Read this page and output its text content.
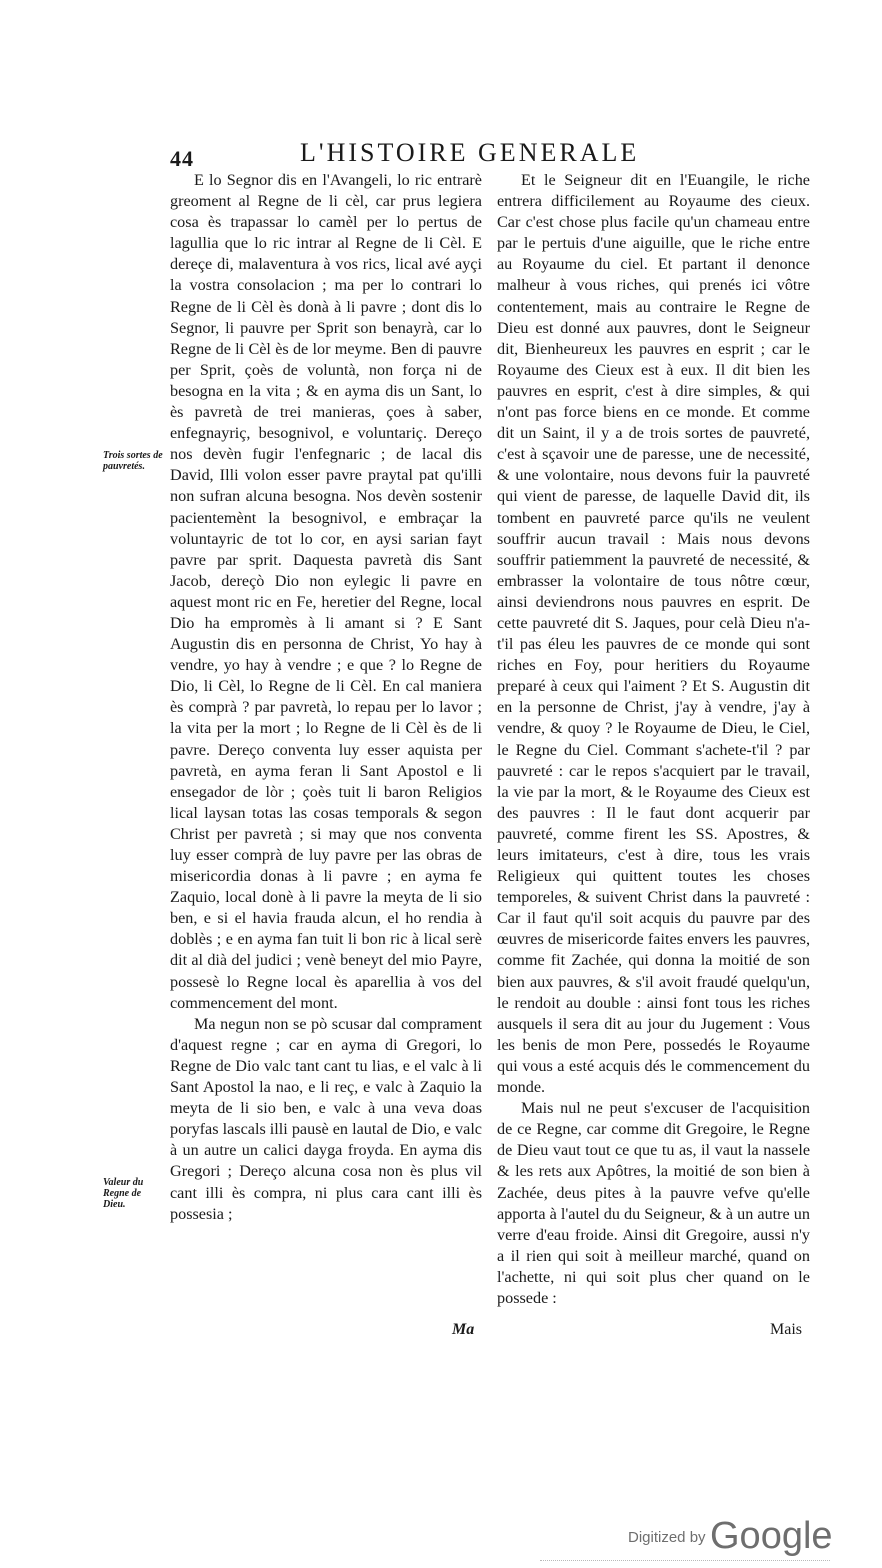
44	L'HISTOIRE GENERALE

E lo Segnor dis en l'Avangeli, lo ric entrarè greoment al Regne de li cèl, car prus legiera cosa ès trapassar lo camèl per lo pertus de lagullia que lo ric intrar al Regne de li Cèl. E dereçe di, malaventura à vos rics, lical avé ayçi la vostra consolacion ; ma per lo contrari lo Regne de li Cèl ès donà à li pavre ; dont dis lo Segnor, li pauvre per Sprit son benayrà, car lo Regne de li Cèl ès de lor meyme. Ben di pauvre per Sprit, çoès de voluntà, non força ni de besogna en la vita ; & en ayma dis un Sant, lo ès pavretà de trei manieras, çoes à saber, enfegnayriç, besognivol, e voluntariç. Dereço nos devèn fugir l'enfegnaric ; de lacal dis David, Illi volon esser pavre praytal pat qu'illi non sufran alcuna besogna. Nos devèn sostenir pacientemènt la besognivol, e embraçar la voluntayric de tot lo cor, en aysi sarian fayt pavre par sprit. Daquesta pavretà dis Sant Jacob, dereçò Dio non eylegic li pavre en aquest mont ric en Fe, heretier del Regne, local Dio ha empromès à li amant si ? E Sant Augustin dis en personna de Christ, Yo hay à vendre, yo hay à vendre ; e que ? lo Regne de Dio, li Cèl, lo Regne de li Cèl. En cal maniera ès comprà ? par pavretà, lo repau per lo lavor ; la vita per la mort ; lo Regne de li Cèl ès de li pavre. Dereço conventa luy esser aquista per pavretà, en ayma feran li Sant Apostol e li ensegador de lòr ; çoès tuit li baron Religios lical laysan totas las cosas temporals & segon Christ per pavretà ; si may que nos conventa luy esser comprà de luy pavre per las obras de misericordia donas à li pavre ; en ayma fe Zaquio, local donè à li pavre la meyta de li sio ben, e si el havia frauda alcun, el ho rendia à doblès ; e en ayma fan tuit li bon ric à lical serè dit al dià del judici ; venè beneyt del mio Payre, possesè lo Regne local ès aparellia à vos del commencement del mont.

Ma negun non se pò scusar dal comprament d'aquest regne ; car en ayma di Gregori, lo Regne de Dio valc tant cant tu lias, e el valc à li Sant Apostol la nao, e li reç, e valc à Zaquio la meyta de li sio ben, e valc à una veva doas poryfas lascals illi pausè en lautal de Dio, e valc à un autre un calici dayga froyda. En ayma dis Gregori ; Dereço alcuna cosa non ès plus vil cant illi ès compra, ni plus cara cant illi ès possesia ;

Et le Seigneur dit en l'Euangile, le riche entrera difficilement au Royaume des cieux. Car c'est chose plus facile qu'un chameau entre par le pertuis d'une aiguille, que le riche entre au Royaume du ciel. Et partant il denonce malheur à vous riches, qui prenés ici vôtre contentement, mais au contraire le Regne de Dieu est donné aux pauvres, dont le Seigneur dit, Bienheureux les pauvres en esprit ; car le Royaume des Cieux est à eux. Il dit bien les pauvres en esprit, c'est à dire simples, & qui n'ont pas force biens en ce monde. Et comme dit un Saint, il y a de trois sortes de pauvreté, c'est à sçavoir une de paresse, une de necessité, & une volontaire, nous devons fuir la pauvreté qui vient de paresse, de laquelle David dit, ils tombent en pauvreté parce qu'ils ne veulent souffrir aucun travail : Mais nous devons souffrir patiemment la pauvreté de necessité, & embrasser la volontaire de tous nôtre cœur, ainsi deviendrons nous pauvres en esprit. De cette pauvreté dit S. Jaques, pour celà Dieu n'a-t'il pas éleu les pauvres de ce monde qui sont riches en Foy, pour heritiers du Royaume preparé à ceux qui l'aiment ? Et S. Augustin dit en la personne de Christ, j'ay à vendre, j'ay à vendre, & quoy ? le Royaume de Dieu, le Ciel, le Regne du Ciel. Commant s'achete-t'il ? par pauvreté : car le repos s'acquiert par le travail, la vie par la mort, & le Royaume des Cieux est des pauvres : Il le faut dont acquerir par pauvreté, comme firent les SS. Apostres, & leurs imitateurs, c'est à dire, tous les vrais Religieux qui quittent toutes les choses temporeles, & suivent Christ dans la pauvreté : Car il faut qu'il soit acquis du pauvre par des œuvres de misericorde faites envers les pauvres, comme fit Zachée, qui donna la moitié de son bien aux pauvres, & s'il avoit fraudé quelqu'un, le rendoit au double : ainsi font tous les riches ausquels il sera dit au jour du Jugement : Vous les benis de mon Pere, possedés le Royaume qui vous a esté acquis dés le commencement du monde.

Mais nul ne peut s'excuser de l'acquisition de ce Regne, car comme dit Gregoire, le Regne de Dieu vaut tout ce que tu as, il vaut la nassele & les rets aux Apôtres, la moitié de son bien à Zachée, deus pites à la pauvre vefve qu'elle apporta à l'autel du du Seigneur, & à un autre un verre d'eau froide. Ainsi dit Gregoire, aussi n'y a il rien qui soit à meilleur marché, quand on l'achette, ni qui soit plus cher quand on le possede :

Trois sortes de pauvretés.
Valeur du Regne de Dieu.
Ma	Mais
Digitized by Google
